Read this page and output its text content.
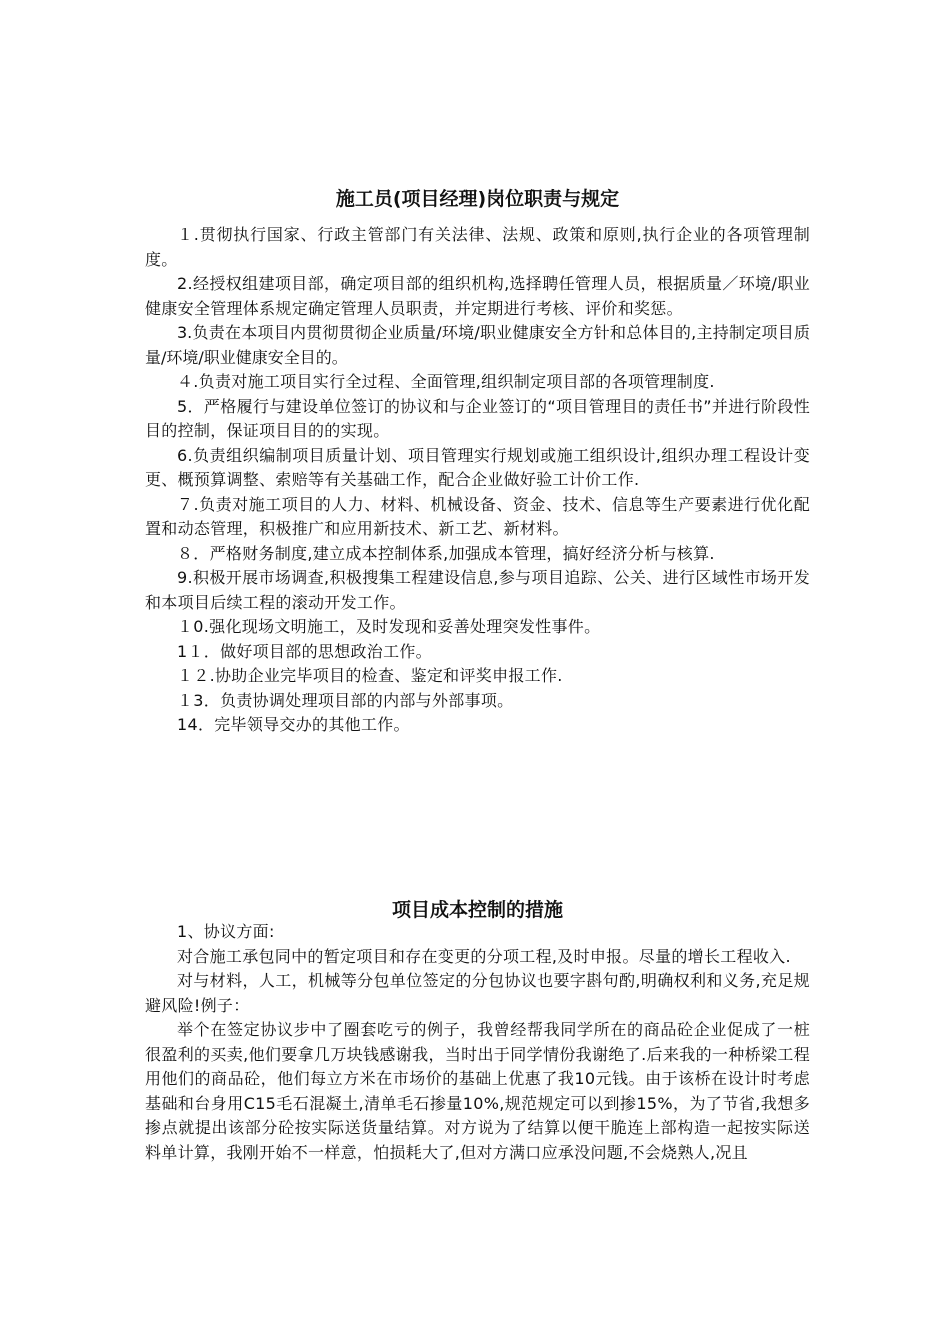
施工员(项目经理)岗位职责与规定

１.贯彻执行国家、行政主管部门有关法律、法规、政策和原则,执行企业的各项管理制度。

2.经授权组建项目部，确定项目部的组织机构,选择聘任管理人员，根据质量／环境/职业健康安全管理体系规定确定管理人员职责，并定期进行考核、评价和奖惩。

3.负责在本项目内贯彻贯彻企业质量/环境/职业健康安全方针和总体目的,主持制定项目质量/环境/职业健康安全目的。

４.负责对施工项目实行全过程、全面管理,组织制定项目部的各项管理制度.

5．严格履行与建设单位签订的协议和与企业签订的“项目管理目的责任书”并进行阶段性目的控制，保证项目目的的实现。

6.负责组织编制项目质量计划、项目管理实行规划或施工组织设计,组织办理工程设计变更、概预算调整、索赔等有关基础工作，配合企业做好验工计价工作.

７.负责对施工项目的人力、材料、机械设备、资金、技术、信息等生产要素进行优化配置和动态管理，积极推广和应用新技术、新工艺、新材料。

８．严格财务制度,建立成本控制体系,加强成本管理，搞好经济分析与核算.

9.积极开展市场调查,积极搜集工程建设信息,参与项目追踪、公关、进行区域性市场开发和本项目后续工程的滚动开发工作。

１0.强化现场文明施工，及时发现和妥善处理突发性事件。

1１．做好项目部的思想政治工作。

１２.协助企业完毕项目的检查、鉴定和评奖申报工作.

１3．负责协调处理项目部的内部与外部事项。

14．完毕领导交办的其他工作。

项目成本控制的措施

1、协议方面:

对合施工承包同中的暂定项目和存在变更的分项工程,及时申报。尽量的增长工程收入.

对与材料，人工，机械等分包单位签定的分包协议也要字斟句酌,明确权利和义务,充足规避风险!例子：

举个在签定协议步中了圈套吃亏的例子，我曾经帮我同学所在的商品砼企业促成了一桩很盈利的买卖,他们要拿几万块钱感谢我，当时出于同学情份我谢绝了.后来我的一种桥梁工程用他们的商品砼，他们每立方米在市场价的基础上优惠了我10元钱。由于该桥在设计时考虑基础和台身用C15毛石混凝土,清单毛石掺量10%,规范规定可以到掺15%，为了节省,我想多掺点就提出该部分砼按实际送货量结算。对方说为了结算以便干脆连上部构造一起按实际送料单计算，我刚开始不一样意，怕损耗大了,但对方满口应承没问题,不会烧熟人,况且
